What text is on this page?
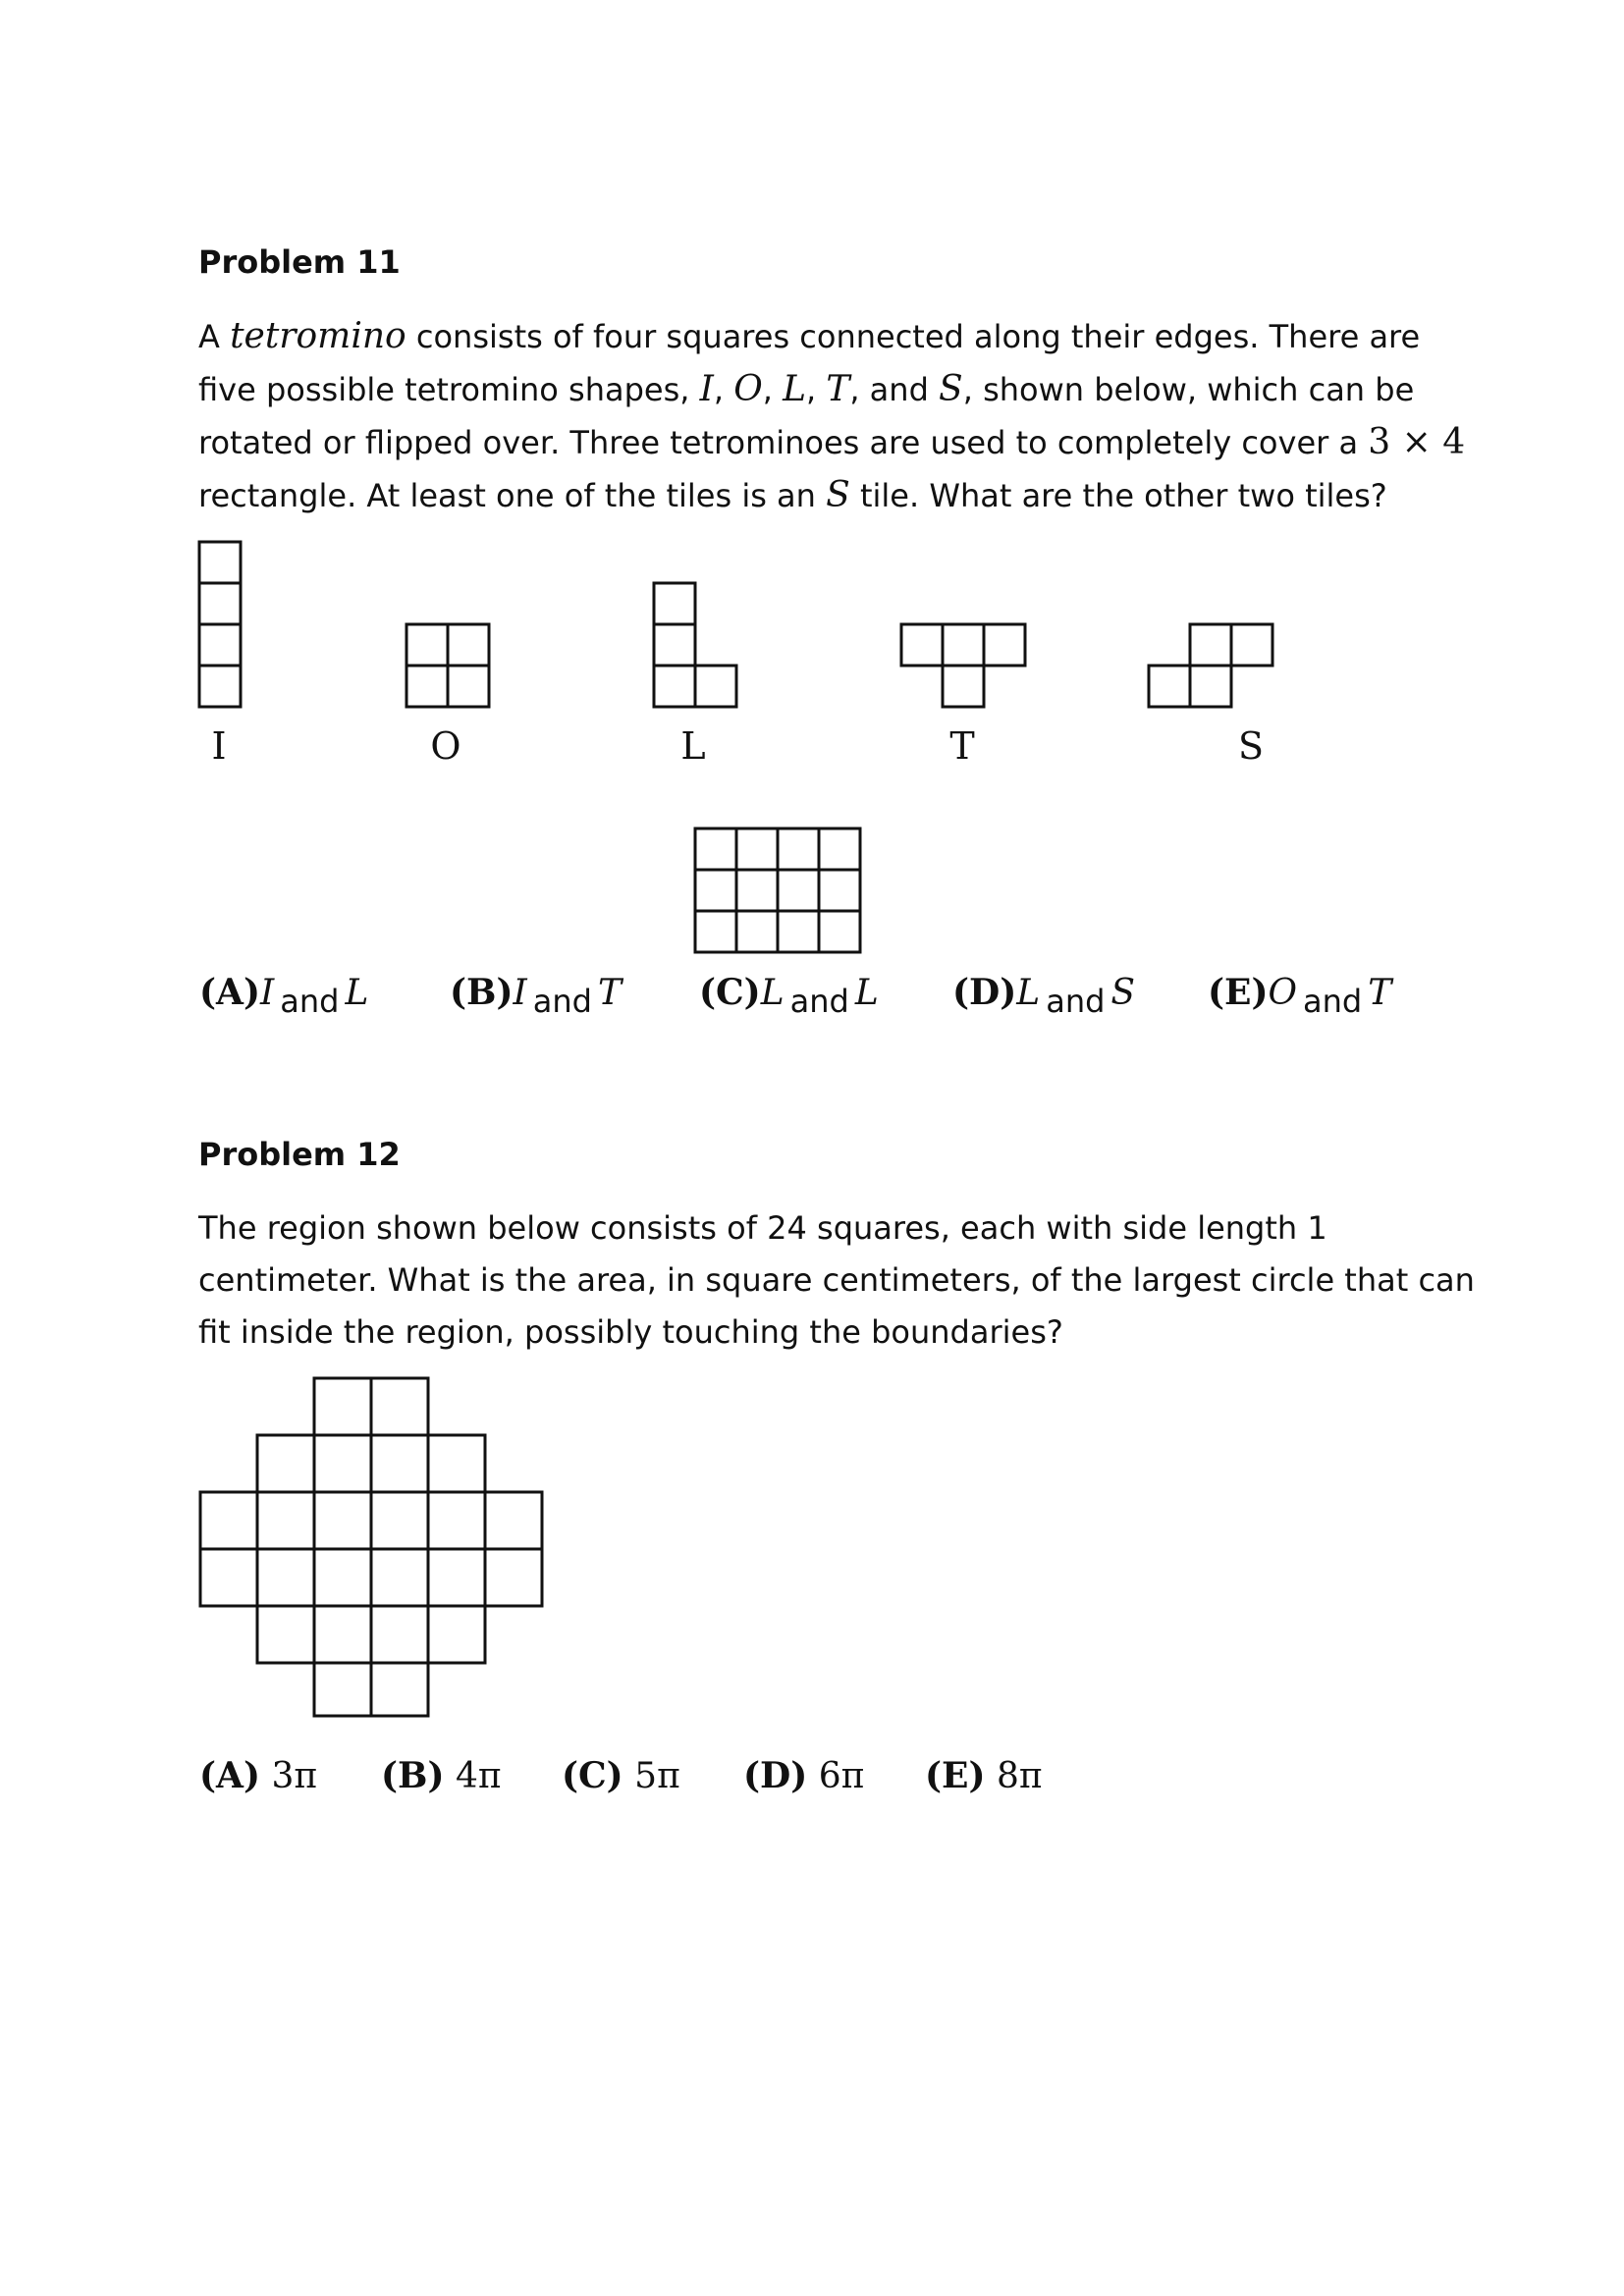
Problem 11
A tetromino consists of four squares connected along their edges. There are five possible tetromino shapes, I, O, L, T, and S, shown below, which can be rotated or flipped over. Three tetrominoes are used to completely cover a 3 × 4 rectangle. At least one of the tiles is an S tile. What are the other two tiles?
I	O	L	T	S
(A)I and L (B)I and T (C)L and L (D)L and S (E)O and T
Problem 12
The region shown below consists of 24 squares, each with side length 1 centimeter. What is the area, in square centimeters, of the largest circle that can fit inside the region, possibly touching the boundaries?
(A) 3π (B) 4π (C) 5π (D) 6π (E) 8π
